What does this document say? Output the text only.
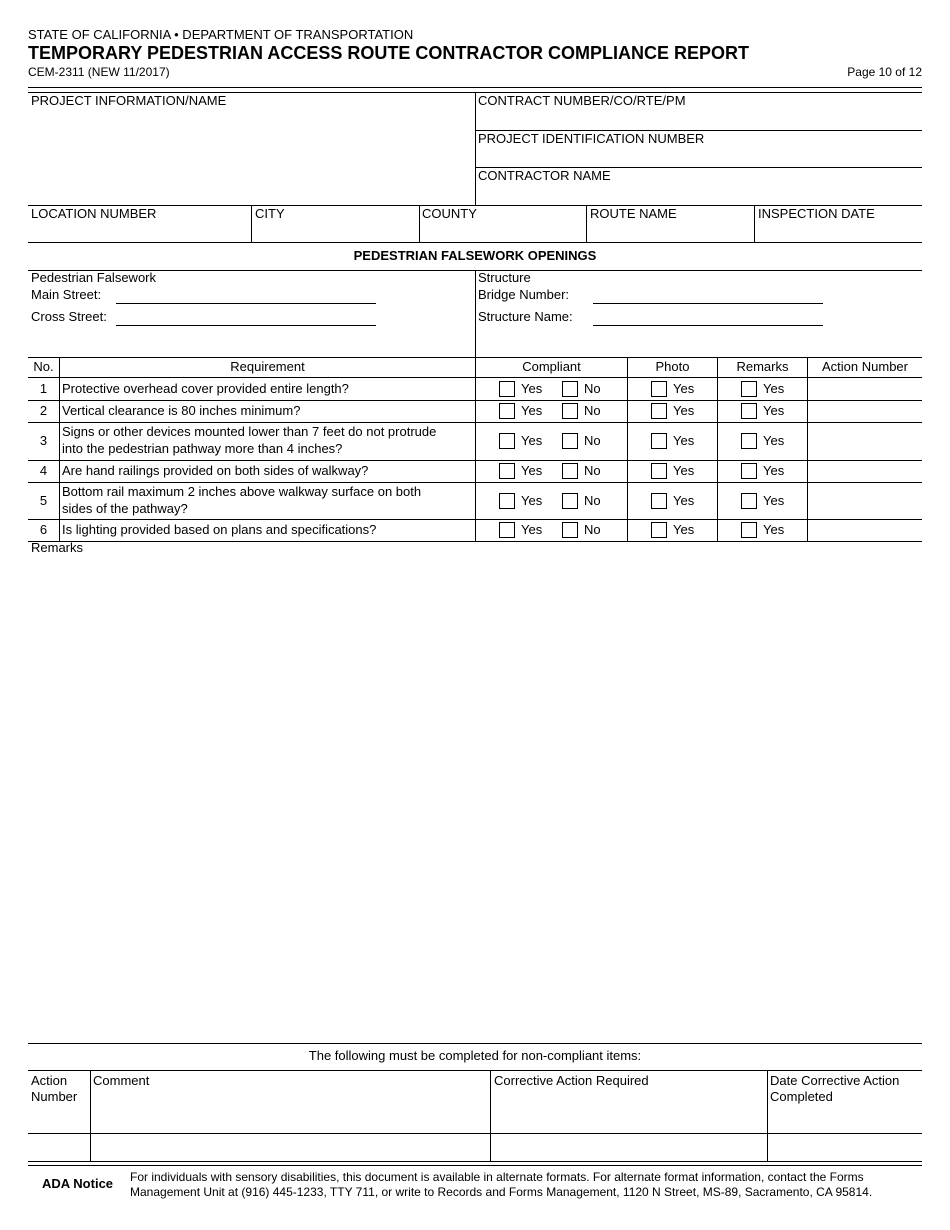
STATE OF CALIFORNIA • DEPARTMENT OF TRANSPORTATION
TEMPORARY PEDESTRIAN ACCESS ROUTE CONTRACTOR COMPLIANCE REPORT
CEM-2311 (NEW 11/2017)	Page 10 of 12
PROJECT INFORMATION/NAME	CONTRACT NUMBER/CO/RTE/PM
PROJECT IDENTIFICATION NUMBER
CONTRACTOR NAME
LOCATION NUMBER	CITY	COUNTY	ROUTE NAME	INSPECTION DATE
PEDESTRIAN FALSEWORK OPENINGS
Pedestrian Falsework
Main Street:
Cross Street:
Structure
Bridge Number:
Structure Name:
No.	Requirement	Compliant	Photo	Remarks	Action Number
1	Protective overhead cover provided entire length?	Yes	No	Yes	Yes
2	Vertical clearance is 80 inches minimum?	Yes	No	Yes	Yes
3
Signs or other devices mounted lower than 7 feet do not protrude
into the pedestrian pathway more than 4 inches?
Yes	No	Yes	Yes
4	Are hand railings provided on both sides of walkway?	Yes	No	Yes	Yes
5
Bottom rail maximum 2 inches above walkway surface on both
sides of the pathway?
Yes	No	Yes	Yes
6	Is lighting provided based on plans and specifications?	Yes	No	Yes	Yes
Remarks
The following must be completed for non-compliant items:
Action
Number
Comment	Corrective Action Required	Date Corrective Action
Completed
ADA Notice For individuals with sensory disabilities, this document is available in alternate formats. For alternate format information, contact the Forms
Management Unit at (916) 445-1233, TTY 711, or write to Records and Forms Management, 1120 N Street, MS-89, Sacramento, CA 95814.
